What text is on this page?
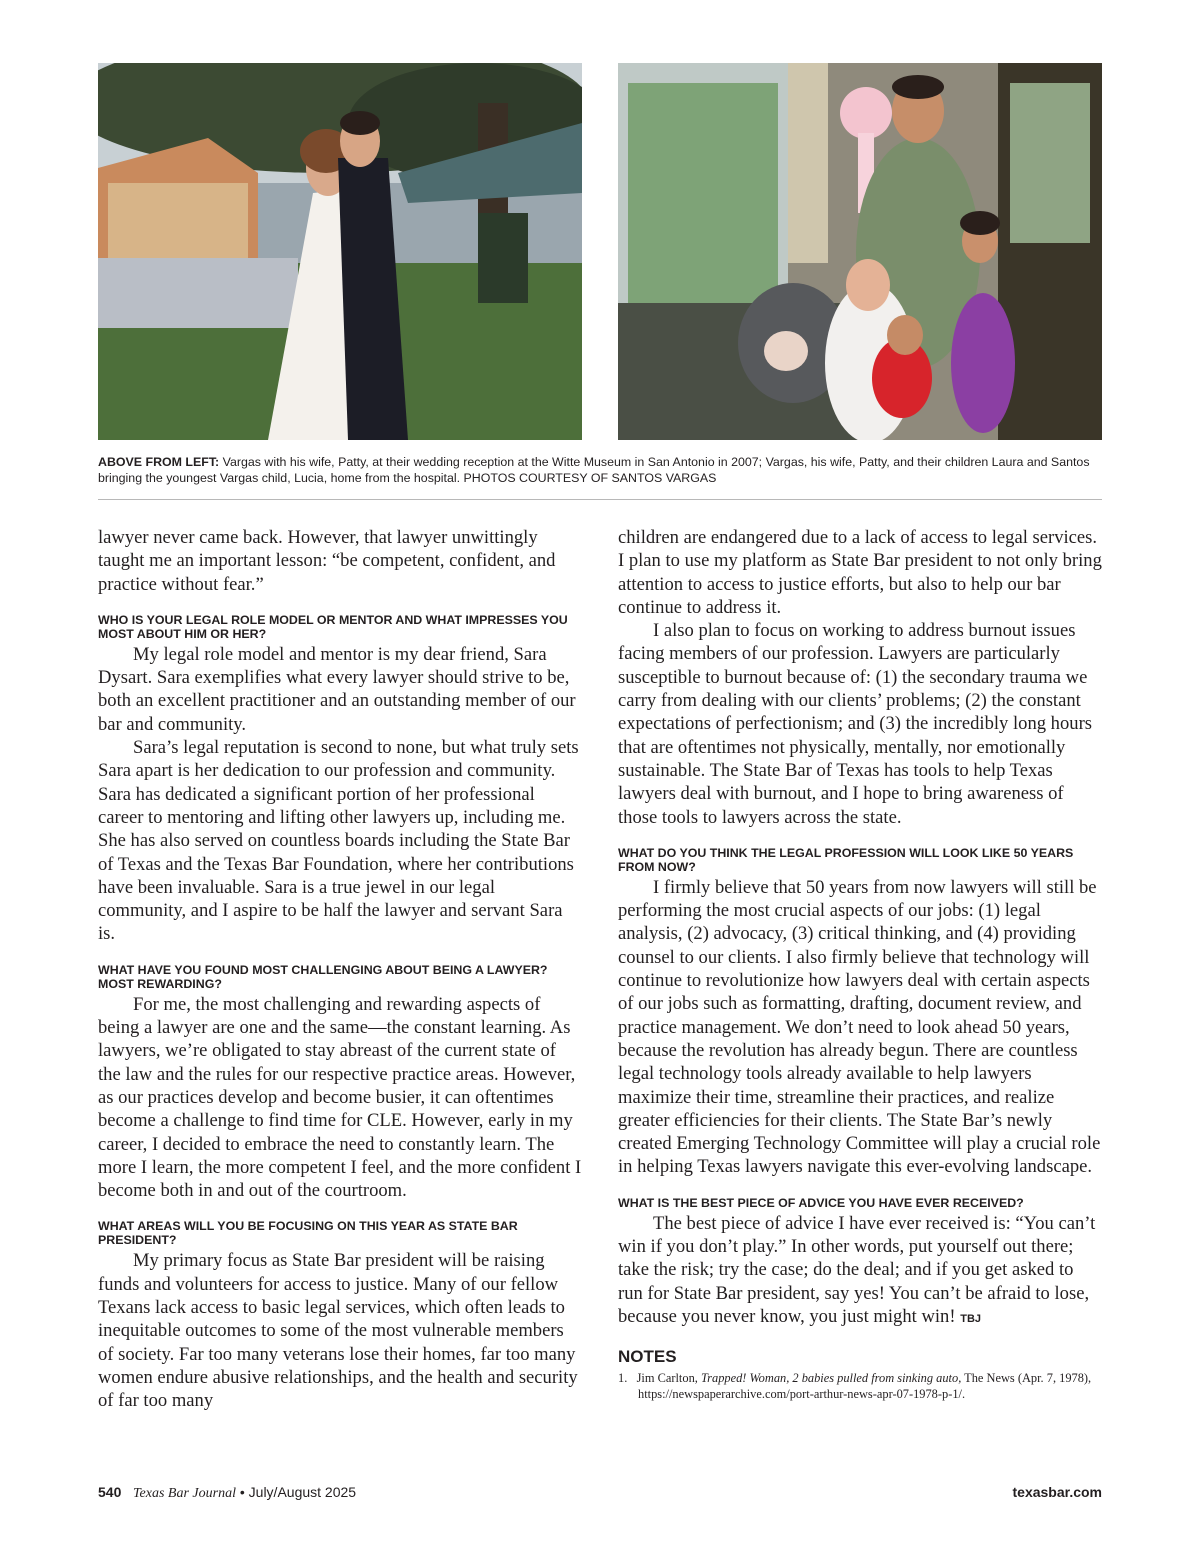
ABOVE FROM LEFT: Vargas with his wife, Patty, at their wedding reception at the Witte Museum in San Antonio in 2007; Vargas, his wife, Patty, and their children Laura and Santos bringing the youngest Vargas child, Lucia, home from the hospital. PHOTOS COURTESY OF SANTOS VARGAS

lawyer never came back. However, that lawyer unwittingly taught me an important lesson: “be competent, confident, and practice without fear.”

WHO IS YOUR LEGAL ROLE MODEL OR MENTOR AND WHAT IMPRESSES YOU MOST ABOUT HIM OR HER?

My legal role model and mentor is my dear friend, Sara Dysart. Sara exemplifies what every lawyer should strive to be, both an excellent practitioner and an outstanding member of our bar and community.

Sara’s legal reputation is second to none, but what truly sets Sara apart is her dedication to our profession and community. Sara has dedicated a significant portion of her professional career to mentoring and lifting other lawyers up, including me. She has also served on countless boards including the State Bar of Texas and the Texas Bar Foundation, where her contributions have been invaluable. Sara is a true jewel in our legal community, and I aspire to be half the lawyer and servant Sara is.

WHAT HAVE YOU FOUND MOST CHALLENGING ABOUT BEING A LAWYER? MOST REWARDING?

For me, the most challenging and rewarding aspects of being a lawyer are one and the same—the constant learning. As lawyers, we’re obligated to stay abreast of the current state of the law and the rules for our respective practice areas. However, as our practices develop and become busier, it can oftentimes become a challenge to find time for CLE. However, early in my career, I decided to embrace the need to constantly learn. The more I learn, the more competent I feel, and the more confident I become both in and out of the courtroom.

WHAT AREAS WILL YOU BE FOCUSING ON THIS YEAR AS STATE BAR PRESIDENT?

My primary focus as State Bar president will be raising funds and volunteers for access to justice. Many of our fellow Texans lack access to basic legal services, which often leads to inequitable outcomes to some of the most vulnerable members of society. Far too many veterans lose their homes, far too many women endure abusive relationships, and the health and security of far too many

children are endangered due to a lack of access to legal services. I plan to use my platform as State Bar president to not only bring attention to access to justice efforts, but also to help our bar continue to address it.

I also plan to focus on working to address burnout issues facing members of our profession. Lawyers are particularly susceptible to burnout because of: (1) the secondary trauma we carry from dealing with our clients’ problems; (2) the constant expectations of perfectionism; and (3) the incredibly long hours that are oftentimes not physically, mentally, nor emotionally sustainable. The State Bar of Texas has tools to help Texas lawyers deal with burnout, and I hope to bring awareness of those tools to lawyers across the state.

WHAT DO YOU THINK THE LEGAL PROFESSION WILL LOOK LIKE 50 YEARS FROM NOW?

I firmly believe that 50 years from now lawyers will still be performing the most crucial aspects of our jobs: (1) legal analysis, (2) advocacy, (3) critical thinking, and (4) providing counsel to our clients. I also firmly believe that technology will continue to revolutionize how lawyers deal with certain aspects of our jobs such as formatting, drafting, document review, and practice management. We don’t need to look ahead 50 years, because the revolution has already begun. There are countless legal technology tools already available to help lawyers maximize their time, streamline their practices, and realize greater efficiencies for their clients. The State Bar’s newly created Emerging Technology Committee will play a crucial role in helping Texas lawyers navigate this ever-evolving landscape.

WHAT IS THE BEST PIECE OF ADVICE YOU HAVE EVER RECEIVED?

The best piece of advice I have ever received is: “You can’t win if you don’t play.” In other words, put yourself out there; take the risk; try the case; do the deal; and if you get asked to run for State Bar president, say yes! You can’t be afraid to lose, because you never know, you just might win! TBJ

NOTES
1. Jim Carlton, Trapped! Woman, 2 babies pulled from sinking auto, The News (Apr. 7, 1978), https://newspaperarchive.com/port-arthur-news-apr-07-1978-p-1/.
540 Texas Bar Journal • July/August 2025	texasbar.com
